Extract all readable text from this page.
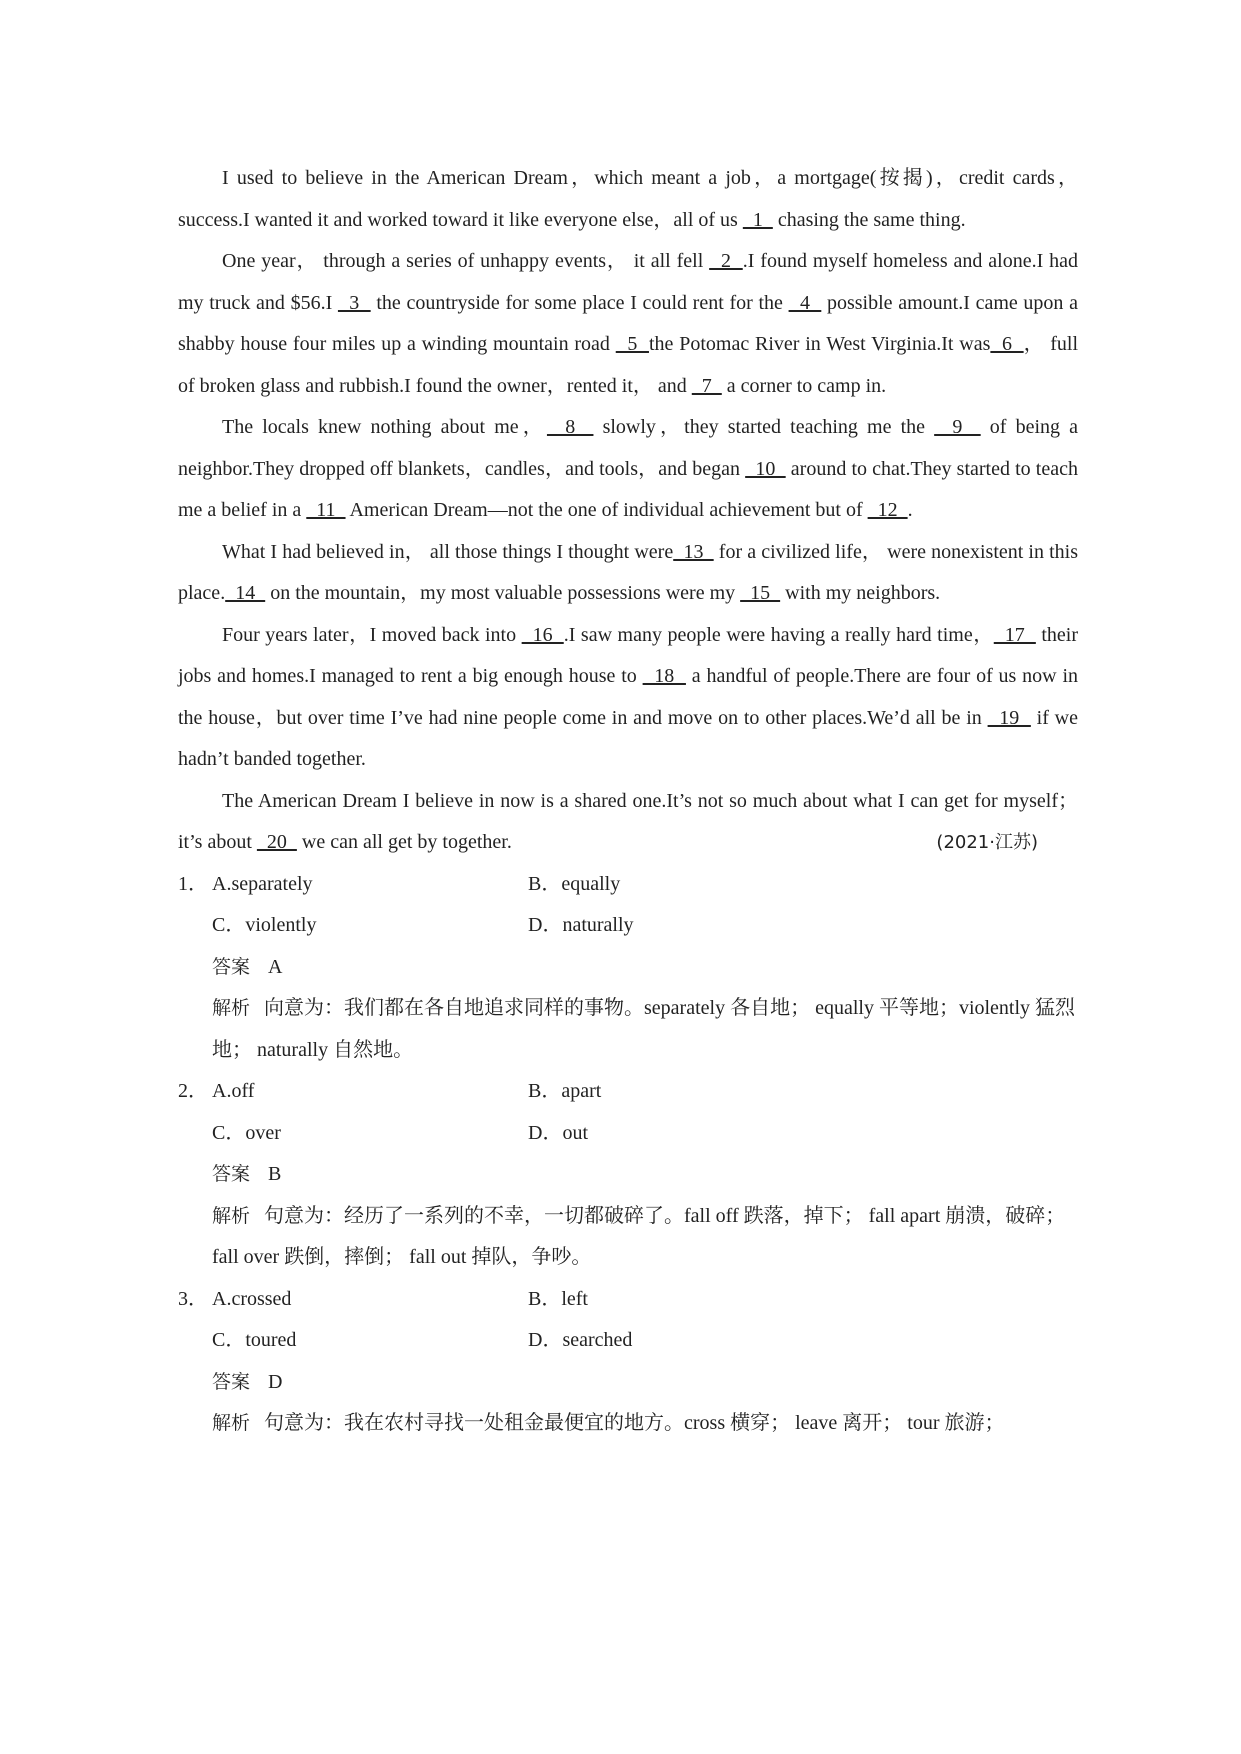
I used to believe in the American Dream，which meant a job，a mortgage(按揭)，credit cards，success.I wanted it and worked toward it like everyone else，all of us   1   chasing the same thing.

One year， through a series of unhappy events， it all fell   2  .I found myself homeless and alone.I had my truck and $56.I   3   the countryside for some place I could rent for the   4   possible amount.I came upon a shabby house four miles up a winding mountain road   5  the Potomac River in West Virginia.It was  6  ， full of broken glass and rubbish.I found the owner，rented it， and   7   a corner to camp in.

The locals knew nothing about me，  8   slowly，they started teaching me the   9   of being a neighbor.They dropped off blankets，candles，and tools，and began   10   around to chat.They started to teach me a belief in a   11   American Dream—not the one of individual achievement but of   12  .

What I had believed in， all those things I thought were  13   for a civilized life， were nonexistent in this place.  14   on the mountain，my most valuable possessions were my   15   with my neighbors.

Four years later，I moved back into   16  .I saw many people were having a really hard time，  17   their jobs and homes.I managed to rent a big enough house to   18   a handful of people.There are four of us now in the house，but over time I’ve had nine people come in and move on to other places.We’d all be in   19   if we hadn’t banded together.

The American Dream I believe in now is a shared one.It’s not so much about what I can get for myself；it’s about   20   we can all get by together.	(2021·江苏)

1． A.separately	B．equally
C．violently	D．naturally
答案 A
解析 向意为：我们都在各自地追求同样的事物。separately 各自地； equally 平等地；violently 猛烈地； naturally 自然地。
2． A.off	B．apart
C．over	D．out
答案 B
解析 句意为：经历了一系列的不幸，一切都破碎了。fall off 跌落，掉下； fall apart 崩溃，破碎； fall over 跌倒，摔倒； fall out 掉队，争吵。
3． A.crossed	B．left
C．toured	D．searched
答案 D
解析 句意为：我在农村寻找一处租金最便宜的地方。cross 横穿； leave 离开； tour 旅游；
